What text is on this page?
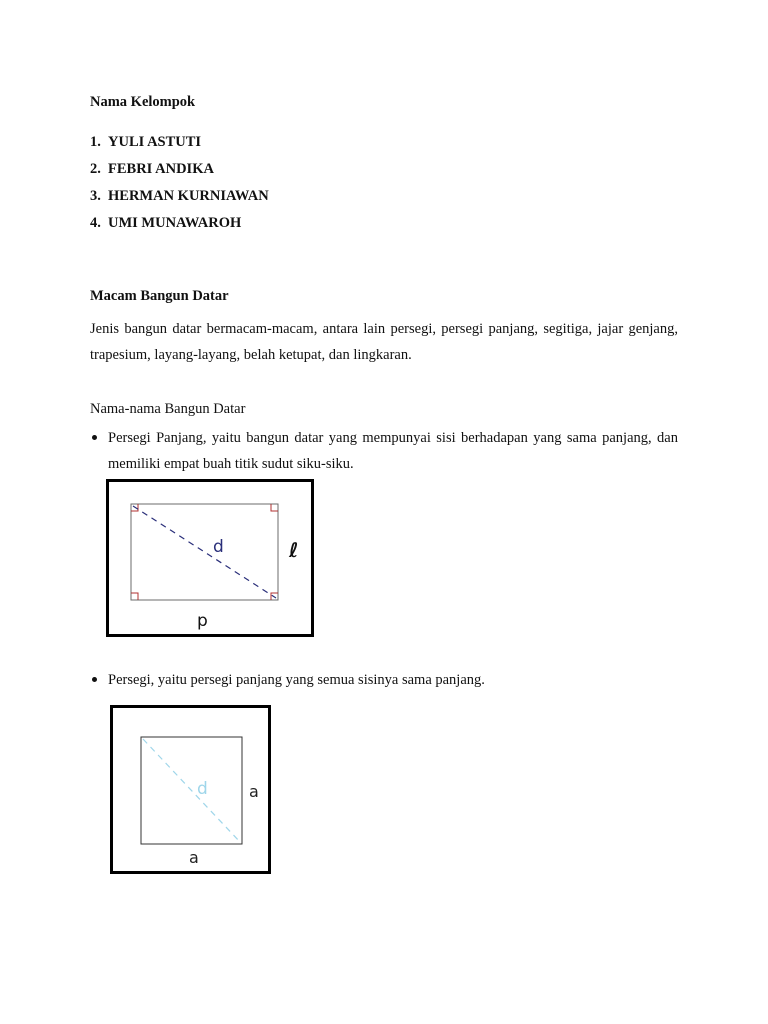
Nama Kelompok
1. YULI ASTUTI
2. FEBRI ANDIKA
3. HERMAN KURNIAWAN
4. UMI MUNAWAROH
Macam Bangun Datar
Jenis bangun datar bermacam-macam, antara lain persegi, persegi panjang, segitiga, jajar genjang, trapesium, layang-layang, belah ketupat, dan lingkaran.
Nama-nama Bangun Datar
Persegi Panjang, yaitu bangun datar yang mempunyai sisi berhadapan yang sama panjang, dan memiliki empat buah titik sudut siku-siku.
d	ℓ
p
Persegi, yaitu persegi panjang yang semua sisinya sama panjang.
d	a
a
